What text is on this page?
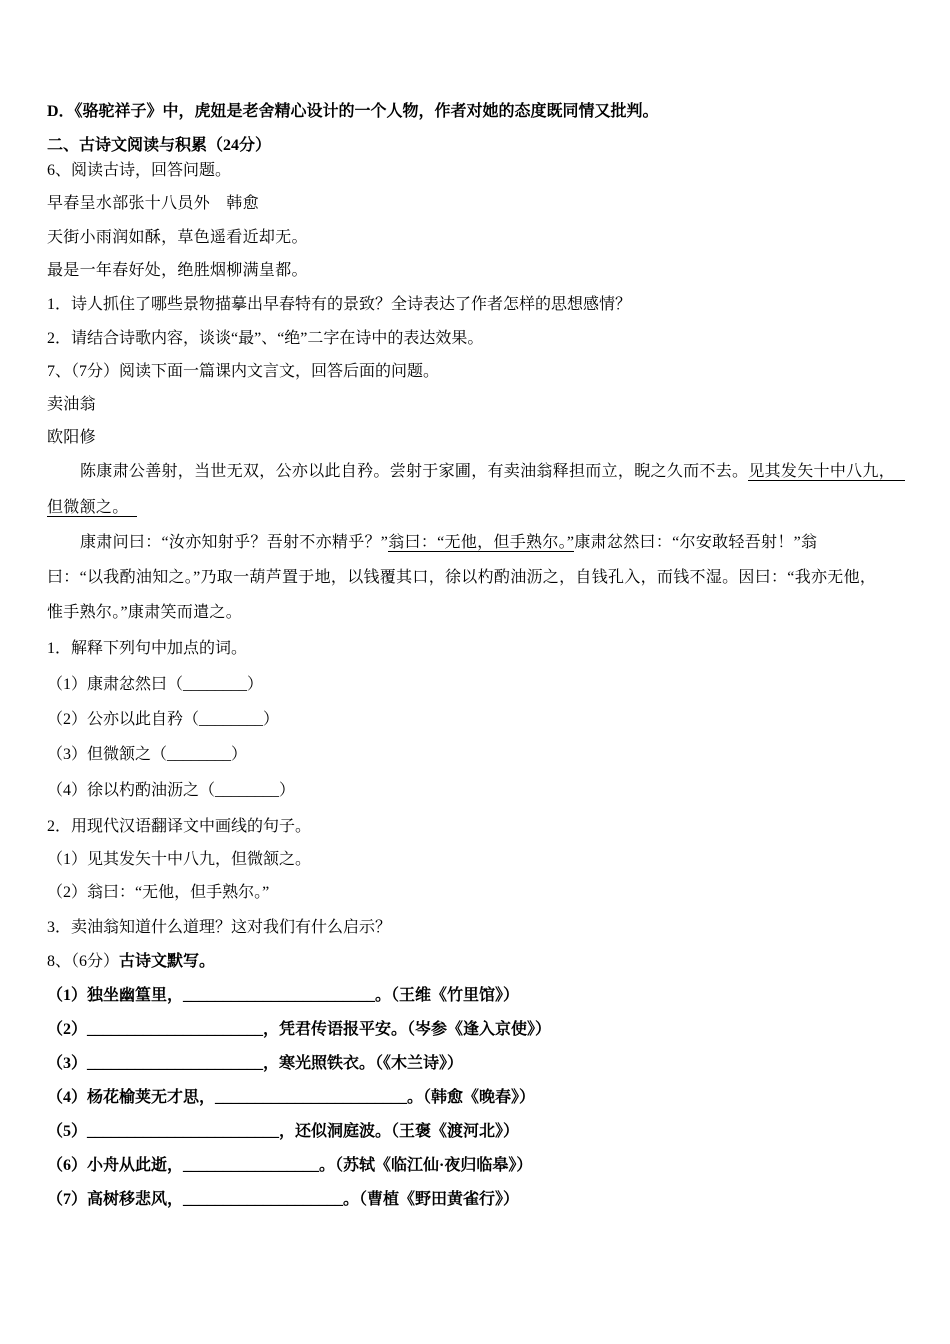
D．《骆驼祥子》中，虎妞是老舍精心设计的一个人物，作者对她的态度既同情又批判。
二、古诗文阅读与积累（24分）
6、阅读古诗，回答问题。
早春呈水部张十八员外　韩愈
天街小雨润如酥，草色遥看近却无。
最是一年春好处，绝胜烟柳满皇都。
1．诗人抓住了哪些景物描摹出早春特有的景致？全诗表达了作者怎样的思想感情？
2．请结合诗歌内容，谈谈“最”、“绝”二字在诗中的表达效果。
7、（7分）阅读下面一篇课内文言文，回答后面的问题。
卖油翁
欧阳修
陈康肃公善射，当世无双，公亦以此自矜。尝射于家圃，有卖油翁释担而立，睨之久而不去。见其发矢十中八九，
但微颔之。
康肃问曰：“汝亦知射乎？吾射不亦精乎？”翁曰：“无他，但手熟尔。”康肃忿然曰：“尔安敢轻吾射！”翁
曰：“以我酌油知之。”乃取一葫芦置于地，以钱覆其口，徐以杓酌油沥之，自钱孔入，而钱不湿。因曰：“我亦无他，
惟手熟尔。”康肃笑而遣之。
1．解释下列句中加点的词。
（1）康肃忿然曰（________）
（2）公亦以此自矜（________）
（3）但微颔之（________）
（4）徐以杓酌油沥之（________）
2．用现代汉语翻译文中画线的句子。
（1）见其发矢十中八九，但微颔之。
（2）翁曰：“无他，但手熟尔。”
3．卖油翁知道什么道理？这对我们有什么启示？
8、（6分）古诗文默写。
（1）独坐幽篁里，________________________。（王维《竹里馆》）
（2）______________________，凭君传语报平安。（岑参《逢入京使》）
（3）______________________，寒光照铁衣。（《木兰诗》）
（4）杨花榆荚无才思，________________________。（韩愈《晚春》）
（5）________________________，还似洞庭波。（王褒《渡河北》）
（6）小舟从此逝，_________________。（苏轼《临江仙·夜归临皋》）
（7）高树移悲风，____________________。（曹植《野田黄雀行》）
